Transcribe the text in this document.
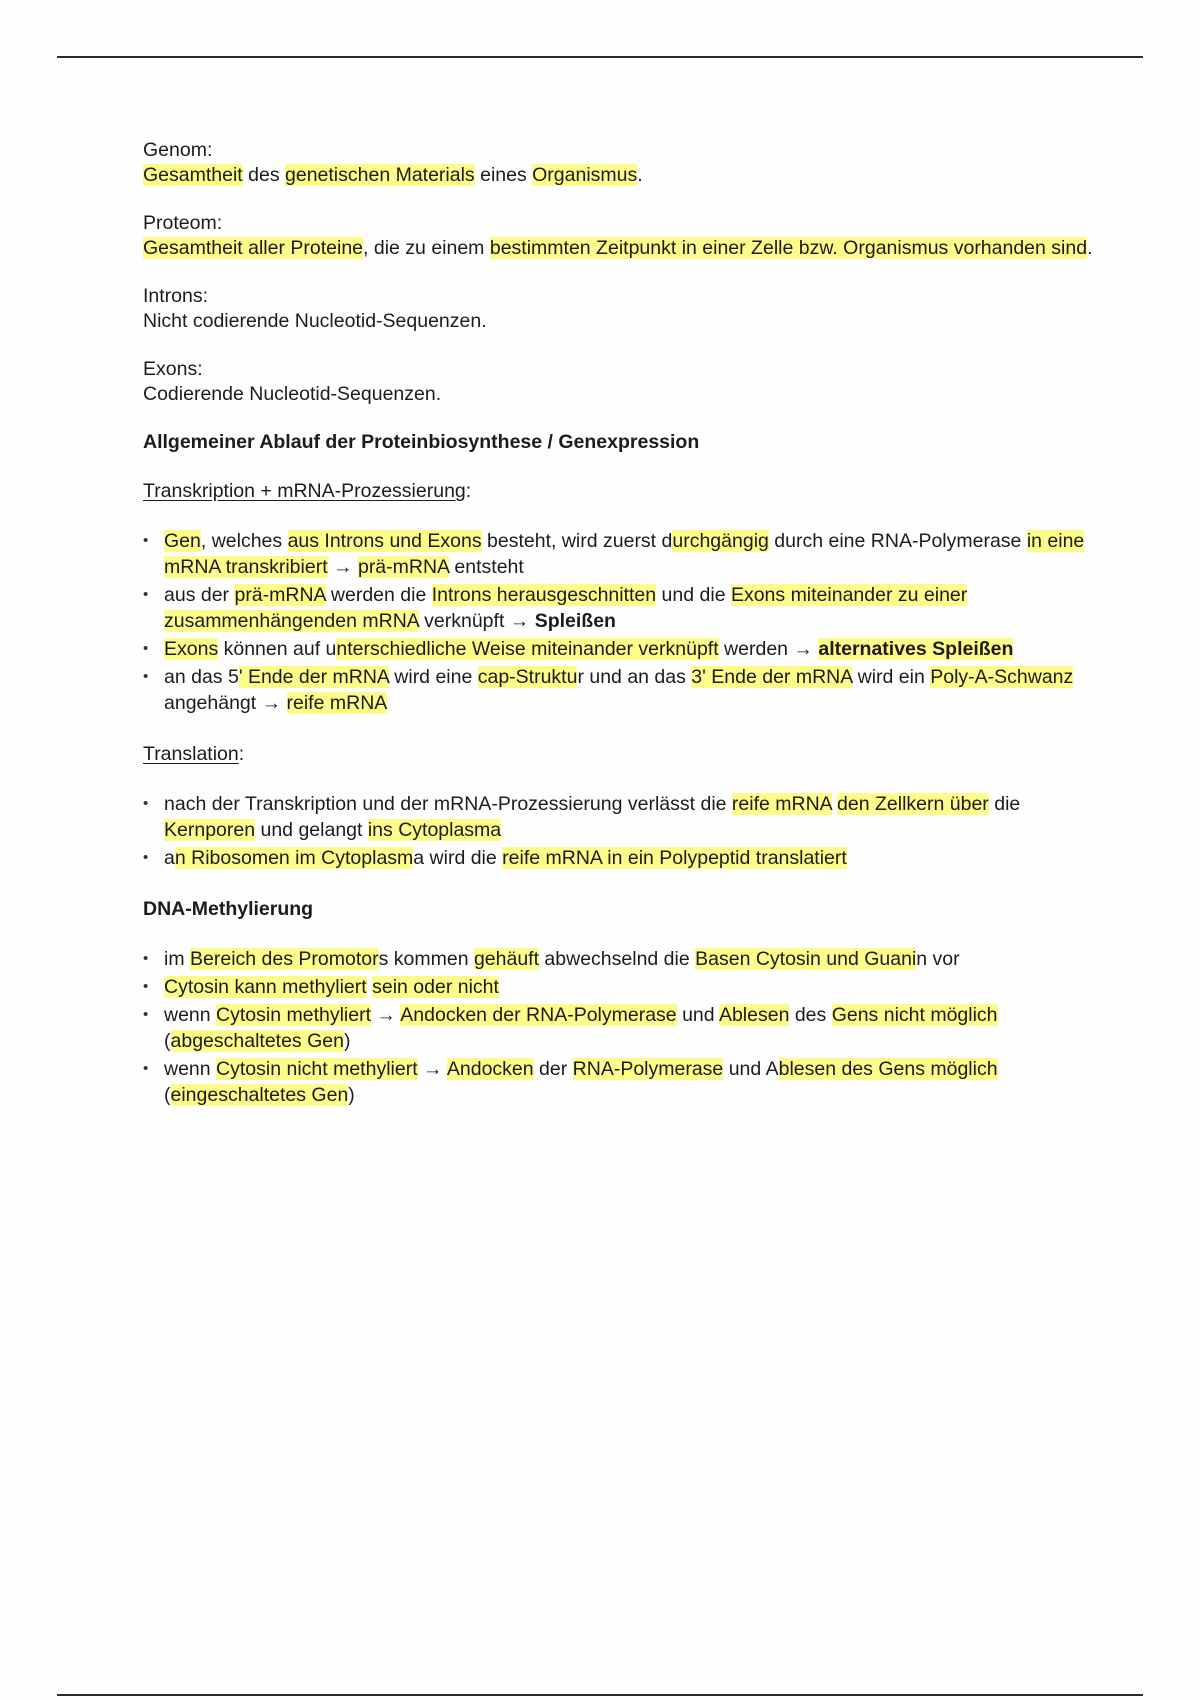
Genom:

Gesamtheit des genetischen Materials eines Organismus.

Proteom:

Gesamtheit aller Proteine, die zu einem bestimmten Zeitpunkt in einer Zelle bzw. Organismus vorhanden sind.

Introns:

Nicht codierende Nucleotid-Sequenzen.

Exons:

Codierende Nucleotid-Sequenzen.

Allgemeiner Ablauf der Proteinbiosynthese / Genexpression

Transkription + mRNA-Prozessierung:

• Gen, welches aus Introns und Exons besteht, wird zuerst durchgängig durch eine RNA-Polymerase in eine mRNA transkribiert → prä-mRNA entsteht
• aus der prä-mRNA werden die Introns herausgeschnitten und die Exons miteinander zu einer zusammenhängenden mRNA verknüpft → Spleißen
• Exons können auf unterschiedliche Weise miteinander verknüpft werden → alternatives Spleißen
• an das 5' Ende der mRNA wird eine cap-Struktur und an das 3' Ende der mRNA wird ein Poly-A-Schwanz angehängt → reife mRNA

Translation:

• nach der Transkription und der mRNA-Prozessierung verlässt die reife mRNA den Zellkern über die Kernporen und gelangt ins Cytoplasma
• an Ribosomen im Cytoplasma wird die reife mRNA in ein Polypeptid translatiert

DNA-Methylierung

• im Bereich des Promotors kommen gehäuft abwechselnd die Basen Cytosin und Guanin vor
• Cytosin kann methyliert sein oder nicht
• wenn Cytosin methyliert → Andocken der RNA-Polymerase und Ablesen des Gens nicht möglich (abgeschaltetes Gen)
• wenn Cytosin nicht methyliert → Andocken der RNA-Polymerase und Ablesen des Gens möglich (eingeschaltetes Gen)
